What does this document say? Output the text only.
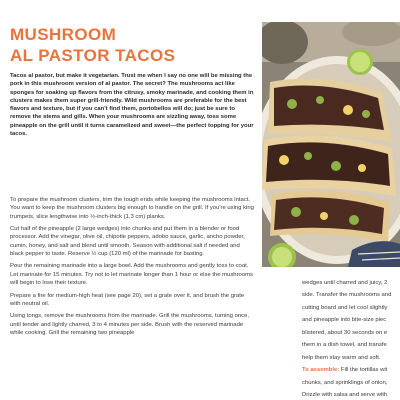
MUSHROOM
AL PASTOR TACOS

Tacos al pastor, but make it vegetarian. Trust me when I say no one will be missing the pork in this mushroom version of al pastor. The secret? The mushrooms act like sponges for soaking up flavors from the citrusy, smoky marinade, and cooking them in clusters makes them super grill-friendly. Wild mushrooms are preferable for the best flavors and texture, but if you can't find them, portobellos will do; just be sure to remove the stems and gills. When your mushrooms are sizzling away, toss some pineapple on the grill until it turns caramelized and sweet—the perfect topping for your tacos.

To prepare the mushroom clusters, trim the tough ends while keeping the mushrooms intact. You want to keep the mushroom clusters big enough to handle on the grill. If you're using king trumpets, slice lengthwise into ½-inch-thick (1.3 cm) planks.

Cut half of the pineapple (2 large wedges) into chunks and put them in a blender or food processor. Add the vinegar, olive oil, chipotle peppers, adobo sauce, garlic, ancho powder, cumin, honey, and salt and blend until smooth. Season with additional salt if needed and black pepper to taste. Reserve ½ cup (120 ml) of the marinade for basting.

Pour the remaining marinade into a large bowl. Add the mushrooms and gently toss to coat. Let marinate for 15 minutes. Try not to let marinate longer than 1 hour or else the mushrooms will begin to lose their texture.

Prepare a fire for medium-high heat (see page 20), set a grate over it, and brush the grate with neutral oil.

Using tongs, remove the mushrooms from the marinade. Grill the mushrooms, turning once, until tender and lightly charred, 3 to 4 minutes per side. Brush with the reserved marinade while cooking. Grill the remaining two pineapple

wedges until charred and juicy, 2

side. Transfer the mushrooms and

cutting board and let cool slightly

and pineapple into bite-size piec

blistered, about 30 seconds on e

them in a dish towel, and transfe

help them stay warm and soft.

To assemble: Fill the tortillas wit

chunks, and sprinklings of onion,

Drizzle with salsa and serve with
